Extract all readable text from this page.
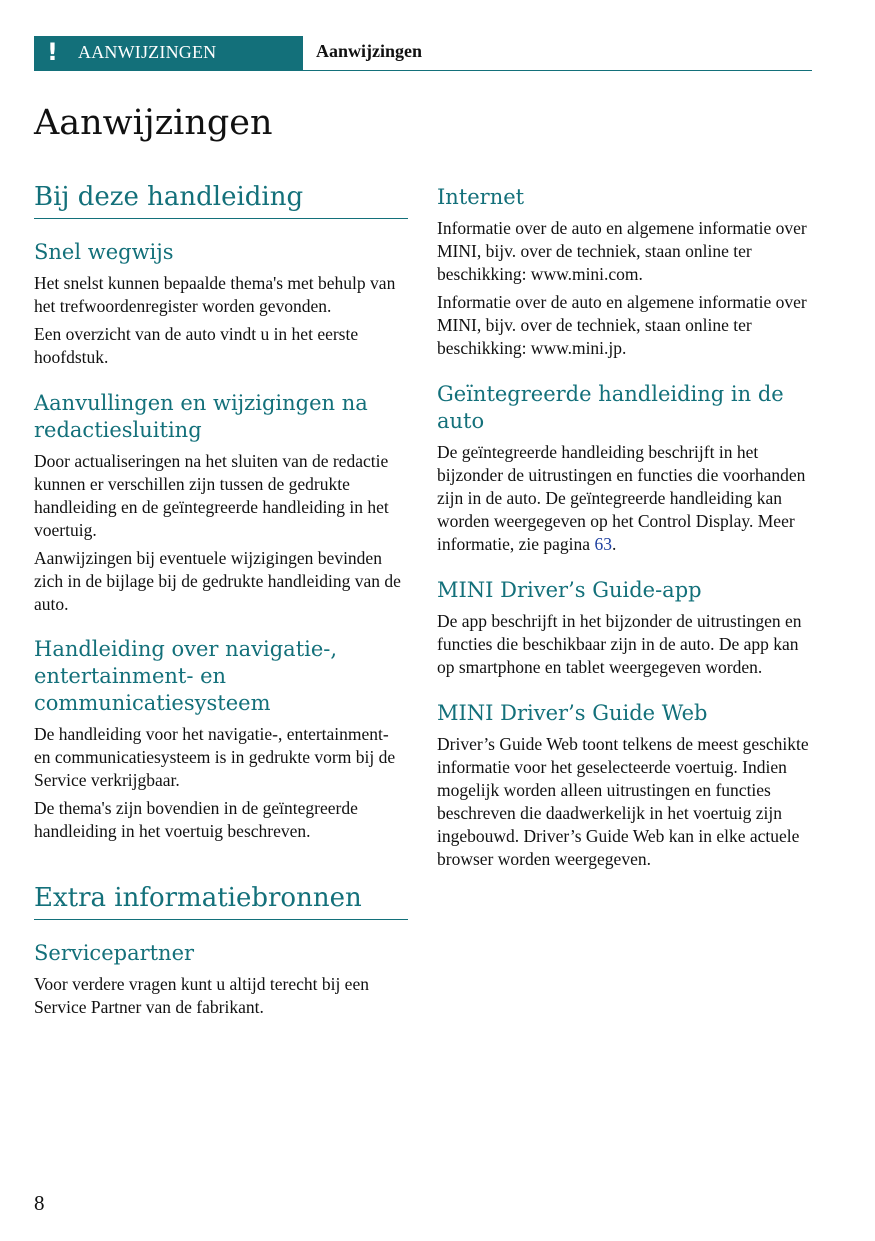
! AANWIJZINGEN	Aanwijzingen
Aanwijzingen
Bij deze handleiding
Snel wegwijs

Het snelst kunnen bepaalde thema's met behulp van het trefwoordenregister worden gevonden.

Een overzicht van de auto vindt u in het eerste hoofdstuk.

Aanvullingen en wijzigingen na redactiesluiting

Door actualiseringen na het sluiten van de redactie kunnen er verschillen zijn tussen de gedrukte handleiding en de geïntegreerde handleiding in het voertuig.

Aanwijzingen bij eventuele wijzigingen bevinden zich in de bijlage bij de gedrukte handleiding van de auto.

Handleiding over navigatie-, entertainment- en communicatiesysteem

De handleiding voor het navigatie-, entertainment- en communicatiesysteem is in gedrukte vorm bij de Service verkrijgbaar.

De thema's zijn bovendien in de geïntegreerde handleiding in het voertuig beschreven.

Extra informatiebronnen
Servicepartner

Voor verdere vragen kunt u altijd terecht bij een Service Partner van de fabrikant.

Internet

Informatie over de auto en algemene informatie over MINI, bijv. over de techniek, staan online ter beschikking: www.mini.com.

Informatie over de auto en algemene informatie over MINI, bijv. over de techniek, staan online ter beschikking: www.mini.jp.

Geïntegreerde handleiding in de auto

De geïntegreerde handleiding beschrijft in het bijzonder de uitrustingen en functies die voorhanden zijn in de auto. De geïntegreerde handleiding kan worden weergegeven op het Control Display. Meer informatie, zie pagina 63.

MINI Driver’s Guide-app

De app beschrijft in het bijzonder de uitrustingen en functies die beschikbaar zijn in de auto. De app kan op smartphone en tablet weergegeven worden.

MINI Driver’s Guide Web

Driver’s Guide Web toont telkens de meest geschikte informatie voor het geselecteerde voertuig. Indien mogelijk worden alleen uitrustingen en functies beschreven die daadwerkelijk in het voertuig zijn ingebouwd. Driver’s Guide Web kan in elke actuele browser worden weergegeven.

8
